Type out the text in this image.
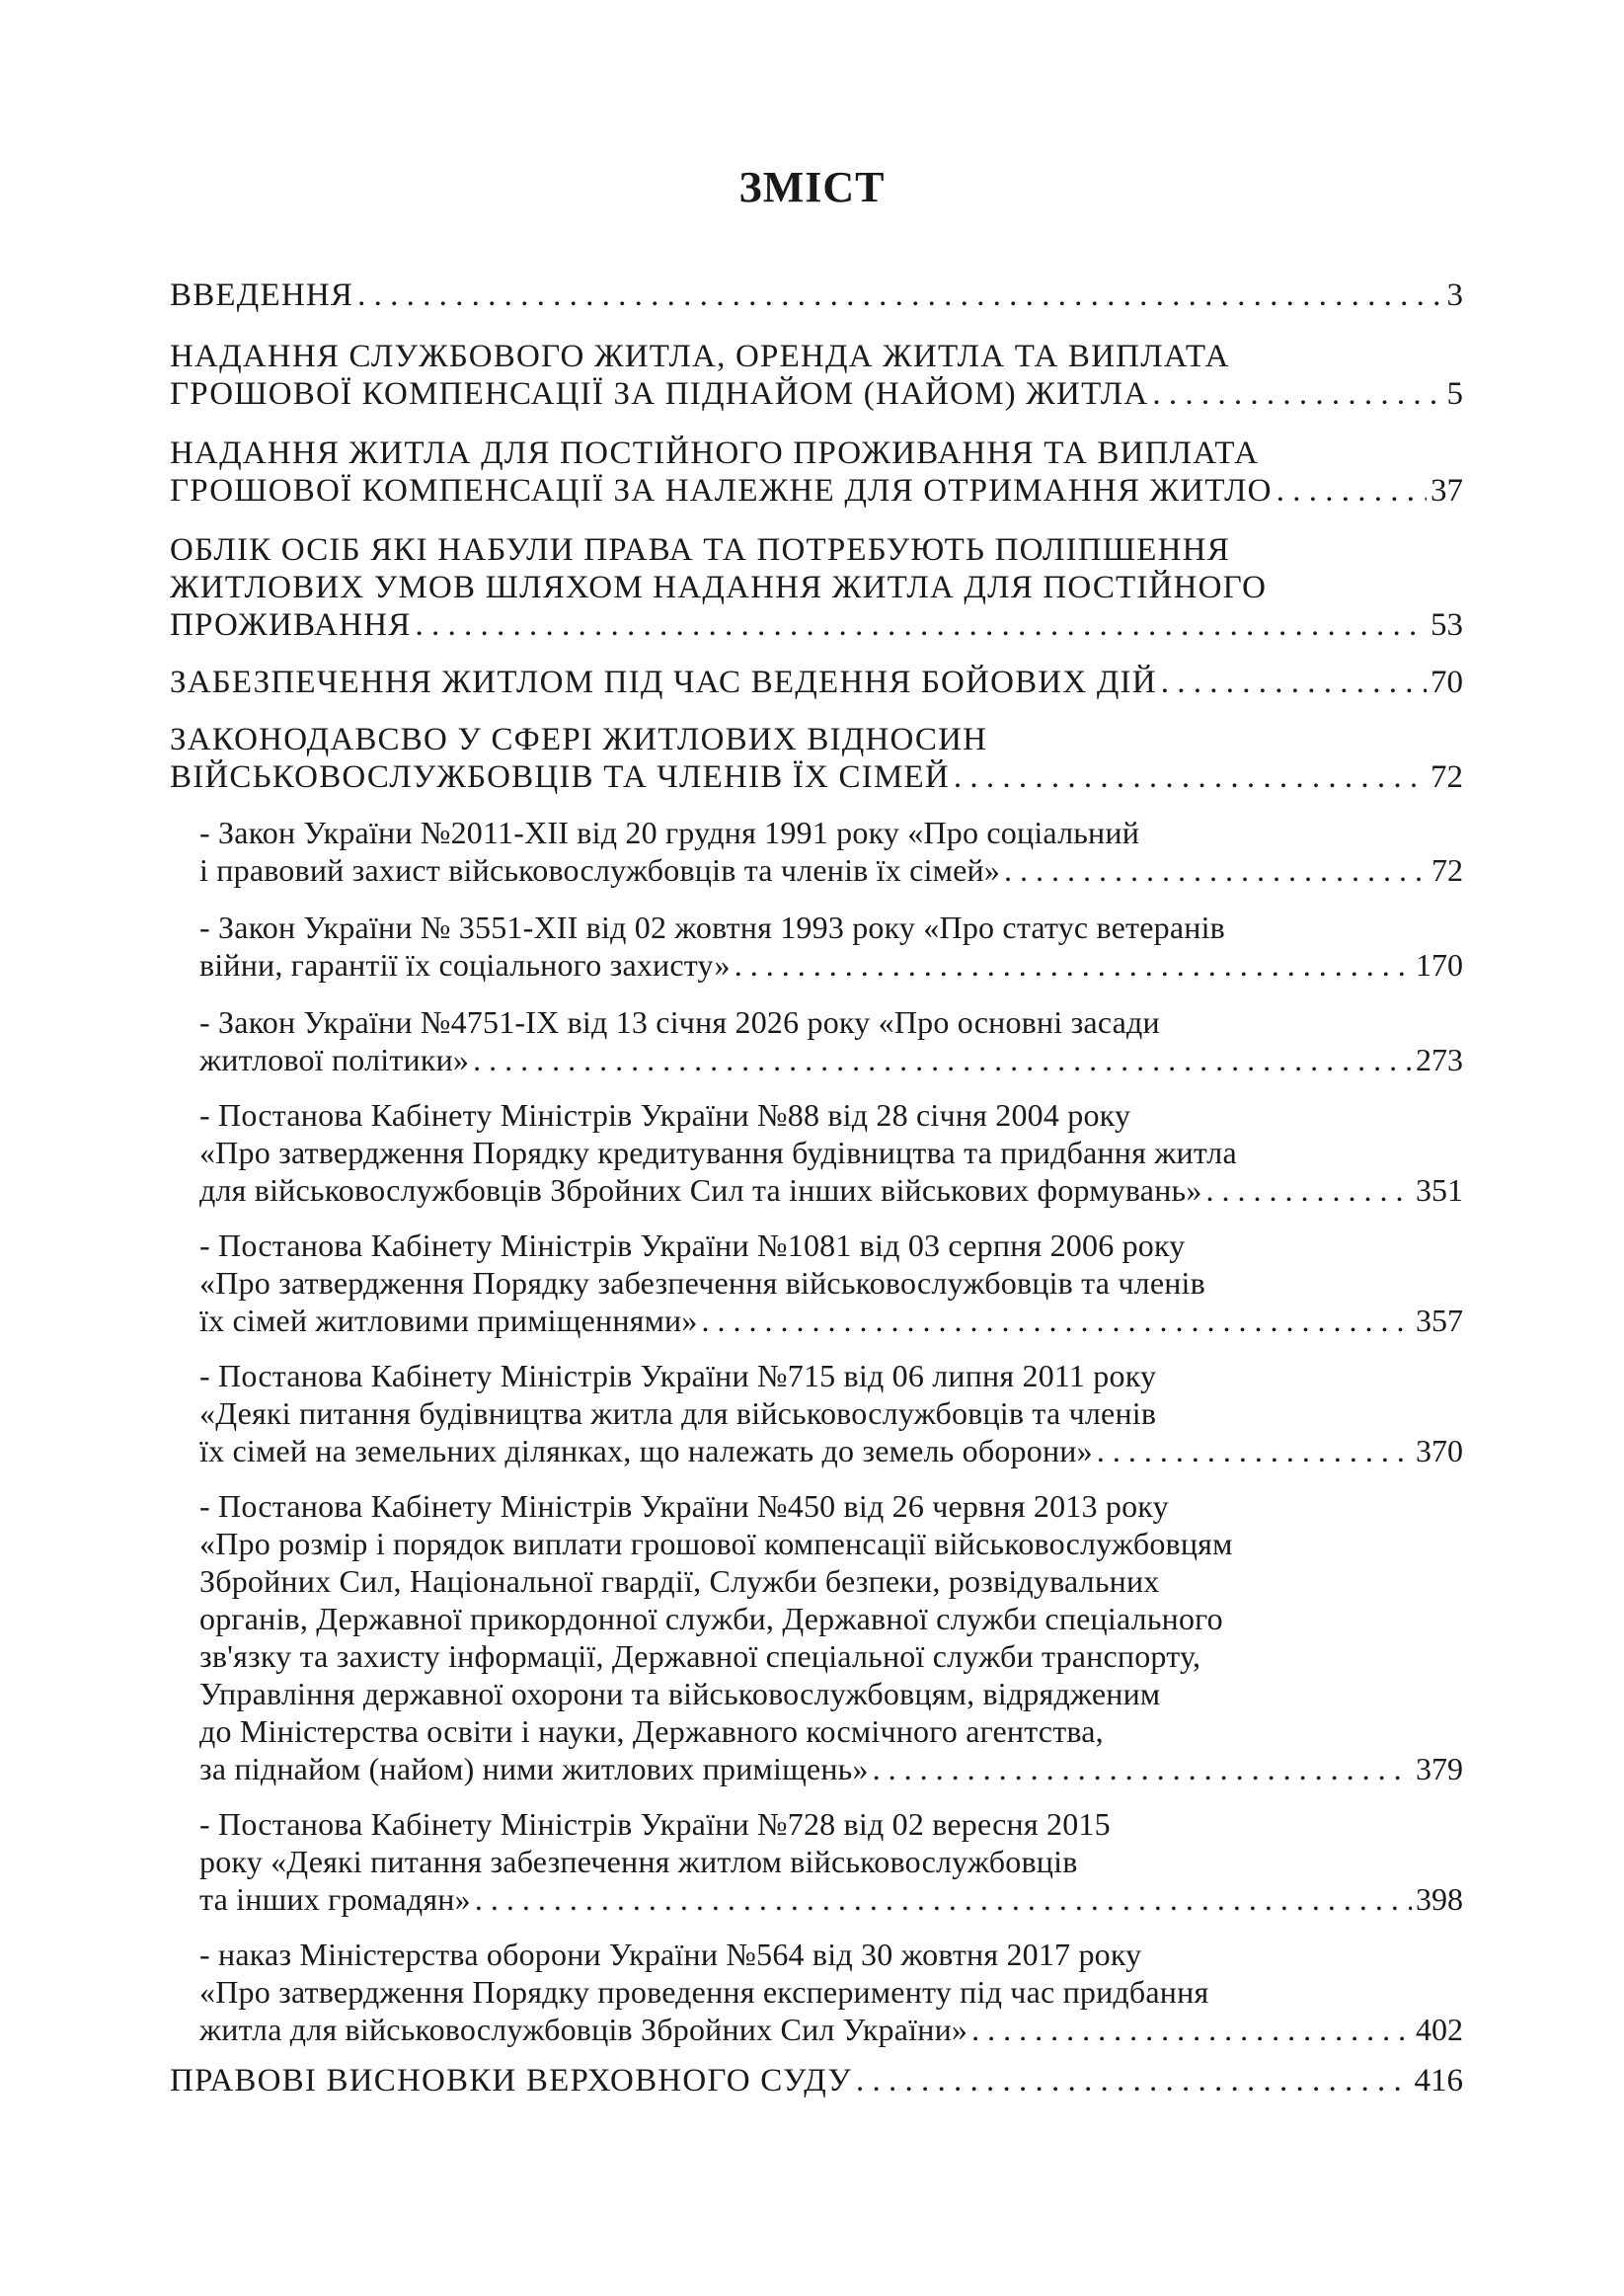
ЗМІСТ
ВВЕДЕННЯ . . .	3
НАДАННЯ СЛУЖБОВОГО ЖИТЛА, ОРЕНДА ЖИТЛА ТА ВИПЛАТА
ГРОШОВОЇ КОМПЕНСАЦІЇ ЗА ПІДНАЙОМ (НАЙОМ) ЖИТЛА . . .	5
НАДАННЯ ЖИТЛА ДЛЯ ПОСТІЙНОГО ПРОЖИВАННЯ ТА ВИПЛАТА
ГРОШОВОЇ КОМПЕНСАЦІЇ ЗА НАЛЕЖНЕ ДЛЯ ОТРИМАННЯ ЖИТЛО . . .	37
ОБЛІК ОСІБ ЯКІ НАБУЛИ ПРАВА ТА ПОТРЕБУЮТЬ ПОЛІПШЕННЯ
ЖИТЛОВИХ УМОВ ШЛЯХОМ НАДАННЯ ЖИТЛА ДЛЯ ПОСТІЙНОГО
ПРОЖИВАННЯ . . .	53
ЗАБЕЗПЕЧЕННЯ ЖИТЛОМ ПІД ЧАС ВЕДЕННЯ БОЙОВИХ ДІЙ . . .	70
ЗАКОНОДАВСВО У СФЕРІ ЖИТЛОВИХ ВІДНОСИН
ВІЙСЬКОВОСЛУЖБОВЦІВ ТА ЧЛЕНІВ ЇХ СІМЕЙ . . .	72
- Закон України №2011-XII від 20 грудня 1991 року «Про соціальний
і правовий захист військовослужбовців та членів їх сімей» . . .	72
- Закон України № 3551-XII від 02 жовтня 1993 року «Про статус ветеранів
війни, гарантії їх соціального захисту» . . .	170
- Закон України №4751-IX від 13 січня 2026 року «Про основні засади
житлової політики» . . .	273
- Постанова Кабінету Міністрів України №88 від 28 січня 2004 року
«Про затвердження Порядку кредитування будівництва та придбання житла
для військовослужбовців Збройних Сил та інших військових формувань» . . .	351
- Постанова Кабінету Міністрів України №1081 від 03 серпня 2006 року
«Про затвердження Порядку забезпечення військовослужбовців та членів
їх сімей житловими приміщеннями» . . .	357
- Постанова Кабінету Міністрів України №715 від 06 липня 2011 року
«Деякі питання будівництва житла для військовослужбовців та членів
їх сімей на земельних ділянках, що належать до земель оборони» . . .	370
- Постанова Кабінету Міністрів України №450 від 26 червня 2013 року
«Про розмір і порядок виплати грошової компенсації військовослужбовцям
Збройних Сил, Національної гвардії, Служби безпеки, розвідувальних
органів, Державної прикордонної служби, Державної служби спеціального
зв'язку та захисту інформації, Державної спеціальної служби транспорту,
Управління державної охорони та військовослужбовцям, відрядженим
до Міністерства освіти і науки, Державного космічного агентства,
за піднайом (найом) ними житлових приміщень» . . .	379
- Постанова Кабінету Міністрів України №728 від 02 вересня 2015
року «Деякі питання забезпечення житлом військовослужбовців
та інших громадян» . . .	398
- наказ Міністерства оборони України №564 від 30 жовтня 2017 року
«Про затвердження Порядку проведення експерименту під час придбання
житла для військовослужбовців Збройних Сил України» . . .	402
ПРАВОВІ ВИСНОВКИ ВЕРХОВНОГО СУДУ . . .	416
